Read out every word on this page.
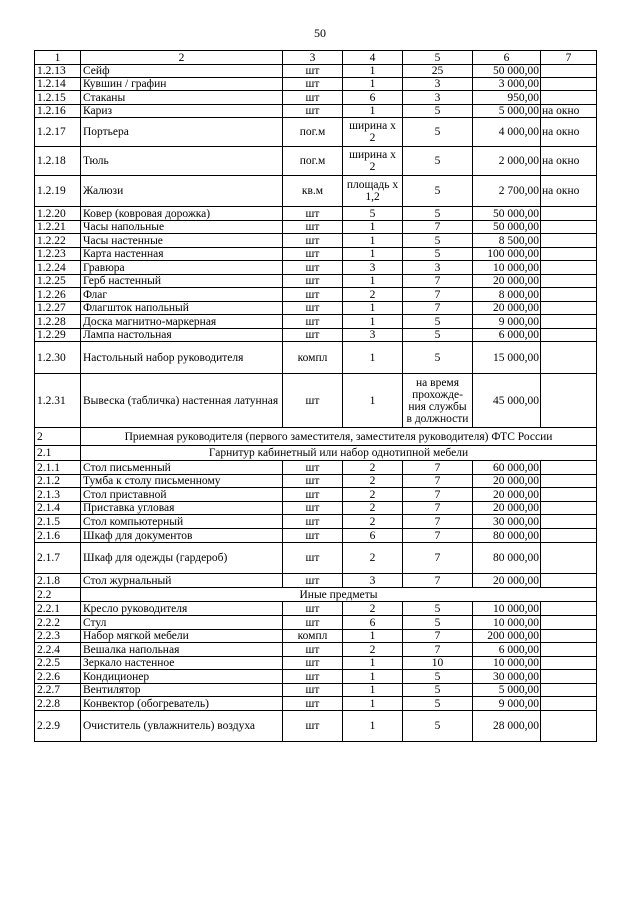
50
1	2	3	4	5	6	7
1.2.13	Сейф	шт	1	25	50 000,00	
1.2.14	Кувшин / графин	шт	1	3	3 000,00	
1.2.15	Стаканы	шт	6	3	950,00	
1.2.16	Кариз	шт	1	5	5 000,00	на окно
1.2.17	Портьера	пог.м	ширина х 2	5	4 000,00	на окно
1.2.18	Тюль	пог.м	ширина х 2	5	2 000,00	на окно
1.2.19	Жалюзи	кв.м	площадь х 1,2	5	2 700,00	на окно
1.2.20	Ковер (ковровая дорожка)	шт	5	5	50 000,00	
1.2.21	Часы напольные	шт	1	7	50 000,00	
1.2.22	Часы настенные	шт	1	5	8 500,00	
1.2.23	Карта настенная	шт	1	5	100 000,00	
1.2.24	Гравюра	шт	3	3	10 000,00	
1.2.25	Герб настенный	шт	1	7	20 000,00	
1.2.26	Флаг	шт	2	7	8 000,00	
1.2.27	Флагшток напольный	шт	1	7	20 000,00	
1.2.28	Доска магнитно-маркерная	шт	1	5	9 000,00	
1.2.29	Лампа настольная	шт	3	5	6 000,00	
1.2.30	Настольный набор руководителя	компл	1	5	15 000,00	
1.2.31	Вывеска (табличка) настенная латунная	шт	1	на время прохожде-ния службы в должности	45 000,00	
2	Приемная руководителя (первого заместителя, заместителя руководителя) ФТС России					
2.1	Гарнитур кабинетный или набор однотипной мебели					
2.1.1	Стол письменный	шт	2	7	60 000,00	
2.1.2	Тумба к столу письменному	шт	2	7	20 000,00	
2.1.3	Стол приставной	шт	2	7	20 000,00	
2.1.4	Приставка угловая	шт	2	7	20 000,00	
2.1.5	Стол компьютерный	шт	2	7	30 000,00	
2.1.6	Шкаф для документов	шт	6	7	80 000,00	
2.1.7	Шкаф для одежды (гардероб)	шт	2	7	80 000,00	
2.1.8	Стол журнальный	шт	3	7	20 000,00	
2.2	Иные предметы					
2.2.1	Кресло руководителя	шт	2	5	10 000,00	
2.2.2	Стул	шт	6	5	10 000,00	
2.2.3	Набор мягкой мебели	компл	1	7	200 000,00	
2.2.4	Вешалка напольная	шт	2	7	6 000,00	
2.2.5	Зеркало настенное	шт	1	10	10 000,00	
2.2.6	Кондиционер	шт	1	5	30 000,00	
2.2.7	Вентилятор	шт	1	5	5 000,00	
2.2.8	Конвектор (обогреватель)	шт	1	5	9 000,00	
2.2.9	Очиститель (увлажнитель) воздуха	шт	1	5	28 000,00	
